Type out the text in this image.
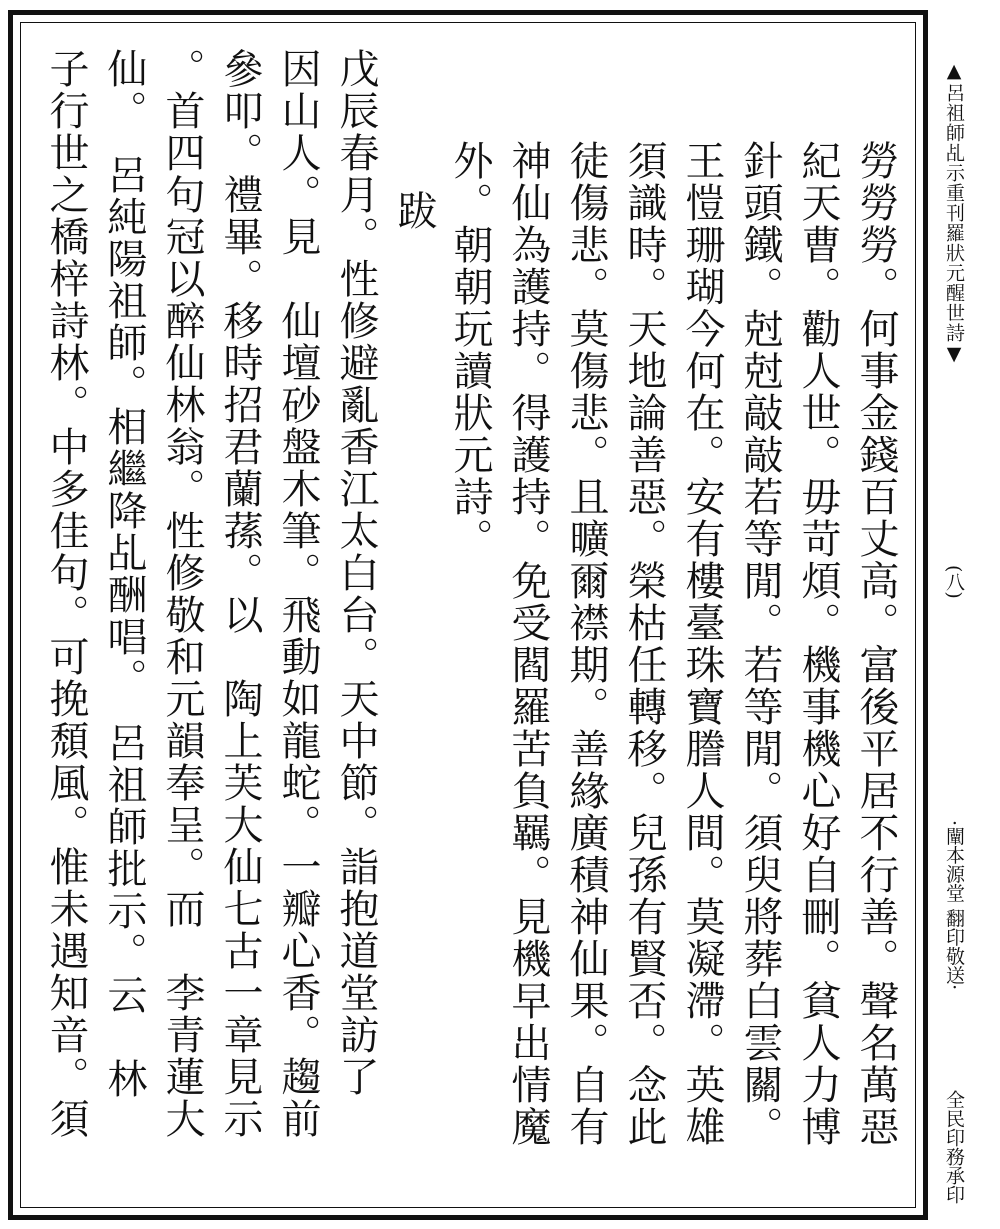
勞勞勞。何事金錢百丈高。富後平居不行善。聲名萬惡
紀天曹。勸人世。毋苛煩。機事機心好自刪。貧人力博
針頭鐵。尅尅敲敲若等閒。若等閒。須臾將葬白雲關。
王愷珊瑚今何在。安有樓臺珠寶謄人間。莫凝滯。英雄
須識時。天地論善惡。榮枯任轉移。兒孫有賢否。念此
徒傷悲。莫傷悲。且曠爾襟期。善緣廣積神仙果。自有
神仙為護持。得護持。免受閻羅苦負羈。見機早出情魔
外。朝朝玩讀狀元詩。
跋
戊辰春月。性修避亂香江太白台。天中節。詣抱道堂訪了
因山人。見　仙壇砂盤木筆。飛動如龍蛇。一瓣心香。趨前
參叩。禮畢。移時招君蘭蓀。以　陶上芙大仙七古一章見示
。首四句冠以醉仙林翁。性修敬和元韻奉呈。而　李青蓮大
仙。　呂純陽祖師。相繼降乩酬唱。　呂祖師批示。云　林
子行世之橋梓詩林。中多佳句。可挽頹風。惟未遇知音。須	▲呂祖師乩示重刊羅狀元醒世詩▼
(八)
·闡本源堂 翻印敬送·
全民印務承印
